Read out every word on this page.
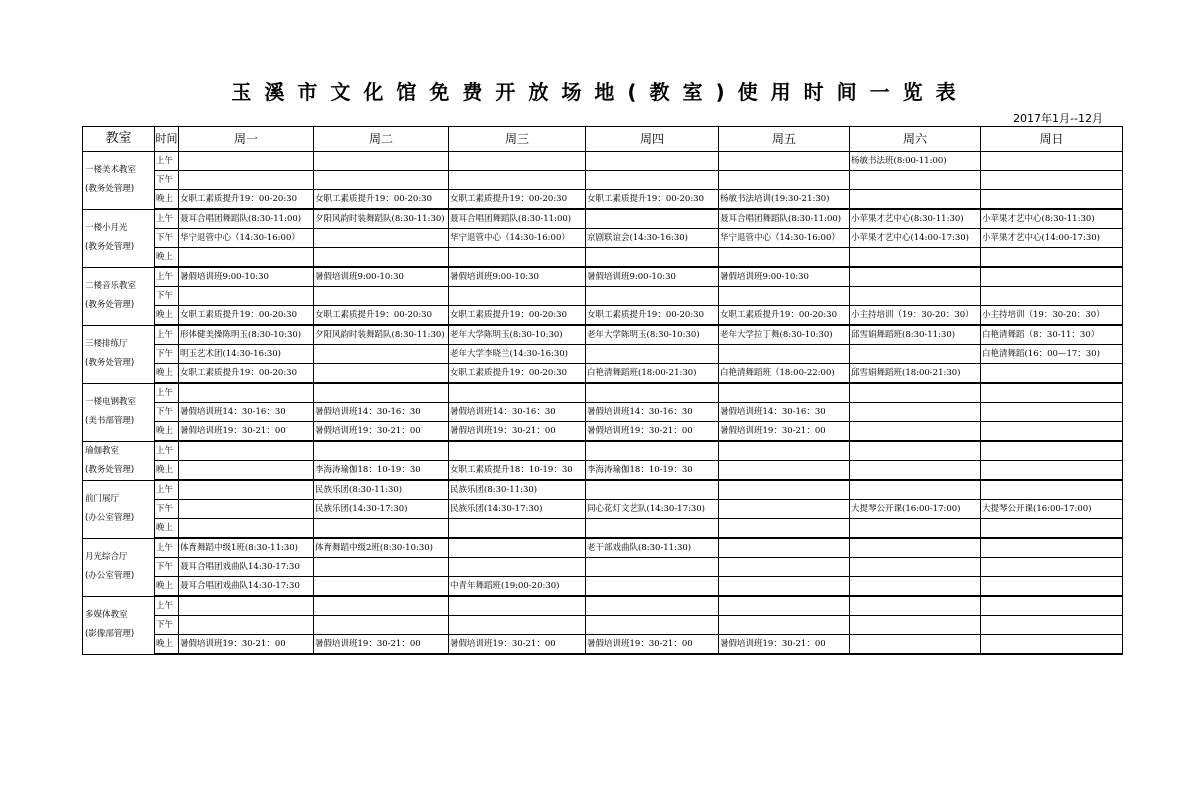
玉溪市文化馆免费开放场地(教室)使用时间一览表
2017年1月--12月
教室	时间	周一	周二	周三	周四	周五	周六	周日

一楼美术教室
(教务处管理)	上午						杨敏书法班(8:00-11:00)	
	下午							
	晚上	女职工素质提升19：00-20:30	女职工素质提升19：00-20:30	女职工素质提升19：00-20:30	女职工素质提升19：00-20:30	杨敏书法培训(19:30-21:30)		

一楼小月光
(教务处管理)	上午	聂耳合唱团舞蹈队(8:30-11:00)	夕阳风韵时装舞蹈队(8:30-11:30)	聂耳合唱团舞蹈队(8:30-11:00)		聂耳合唱团舞蹈队(8:30-11:00)	小苹果才艺中心(8:30-11:30)	小苹果才艺中心(8:30-11:30)
	下午	华宁退管中心（14:30-16:00）		华宁退管中心（14:30-16:00）	京剧联谊会(14:30-16:30)	华宁退管中心（14:30-16:00）	小苹果才艺中心(14:00-17:30)	小苹果才艺中心(14:00-17:30)
	晚上							

二楼音乐教室
(教务处管理)	上午	暑假培训班9:00-10:30	暑假培训班9:00-10:30	暑假培训班9:00-10:30	暑假培训班9:00-10:30	暑假培训班9:00-10:30		
	下午							
	晚上	女职工素质提升19：00-20:30	女职工素质提升19：00-20:30	女职工素质提升19：00-20:30	女职工素质提升19：00-20:30	女职工素质提升19：00-20:30	小主持培训（19：30-20：30）	小主持培训（19：30-20：30）

三楼排练厅
(教务处管理)	上午	形体健美操陈明玉(8:30-10:30)	夕阳风韵时装舞蹈队(8:30-11:30)	老年大学陈明玉(8:30-10:30)	老年大学陈明玉(8:30-10:30)	老年大学拉丁舞(8:30-10:30)	邱雪娟舞蹈班(8:30-11:30)	白艳清舞蹈（8：30-11：30）
	下午	明玉艺术团(14:30-16:30)		老年大学李晓兰(14:30-16:30)				白艳清舞蹈(16：00—17：30)
	晚上	女职工素质提升19：00-20:30		女职工素质提升19：00-20:30	白艳清舞蹈班(18:00-21:30)	白艳清舞蹈班（18:00-22:00)	邱雪娟舞蹈班(18:00-21:30)	

一楼电钢教室
(美书部管理)	上午							
	下午	暑假培训班14：30-16：30	暑假培训班14：30-16：30	暑假培训班14：30-16：30	暑假培训班14：30-16：30	暑假培训班14：30-16：30		
	晚上	暑假培训班19：30-21：00	暑假培训班19：30-21：00	暑假培训班19：30-21：00	暑假培训班19：30-21：00	暑假培训班19：30-21：00		

瑜伽教室
(教务处管理)	上午							
	晚上		李海涛瑜伽18：10-19：30	女职工素质提升18：10-19：30	李海涛瑜伽18：10-19：30			

前门展厅
(办公室管理)	上午		民族乐团(8:30-11:30)	民族乐团(8:30-11:30)				
	下午		民族乐团(14:30-17:30)	民族乐团(14:30-17:30)	同心花灯文艺队(14:30-17:30)		大提琴公开课(16:00-17:00)	大提琴公开课(16:00-17:00)
	晚上							

月光综合厅
(办公室管理)	上午	体育舞蹈中级1班(8:30-11:30)	体育舞蹈中级2班(8:30-10:30)		老干部戏曲队(8:30-11:30)			
	下午	聂耳合唱团戏曲队14:30-17:30						
	晚上	聂耳合唱团戏曲队14:30-17:30		中青年舞蹈班(19:00-20:30)				

多媒体教室
(影像部管理)	上午							
	下午							
	晚上	暑假培训班19：30-21：00	暑假培训班19：30-21：00	暑假培训班19：30-21：00	暑假培训班19：30-21：00	暑假培训班19：30-21：00		
